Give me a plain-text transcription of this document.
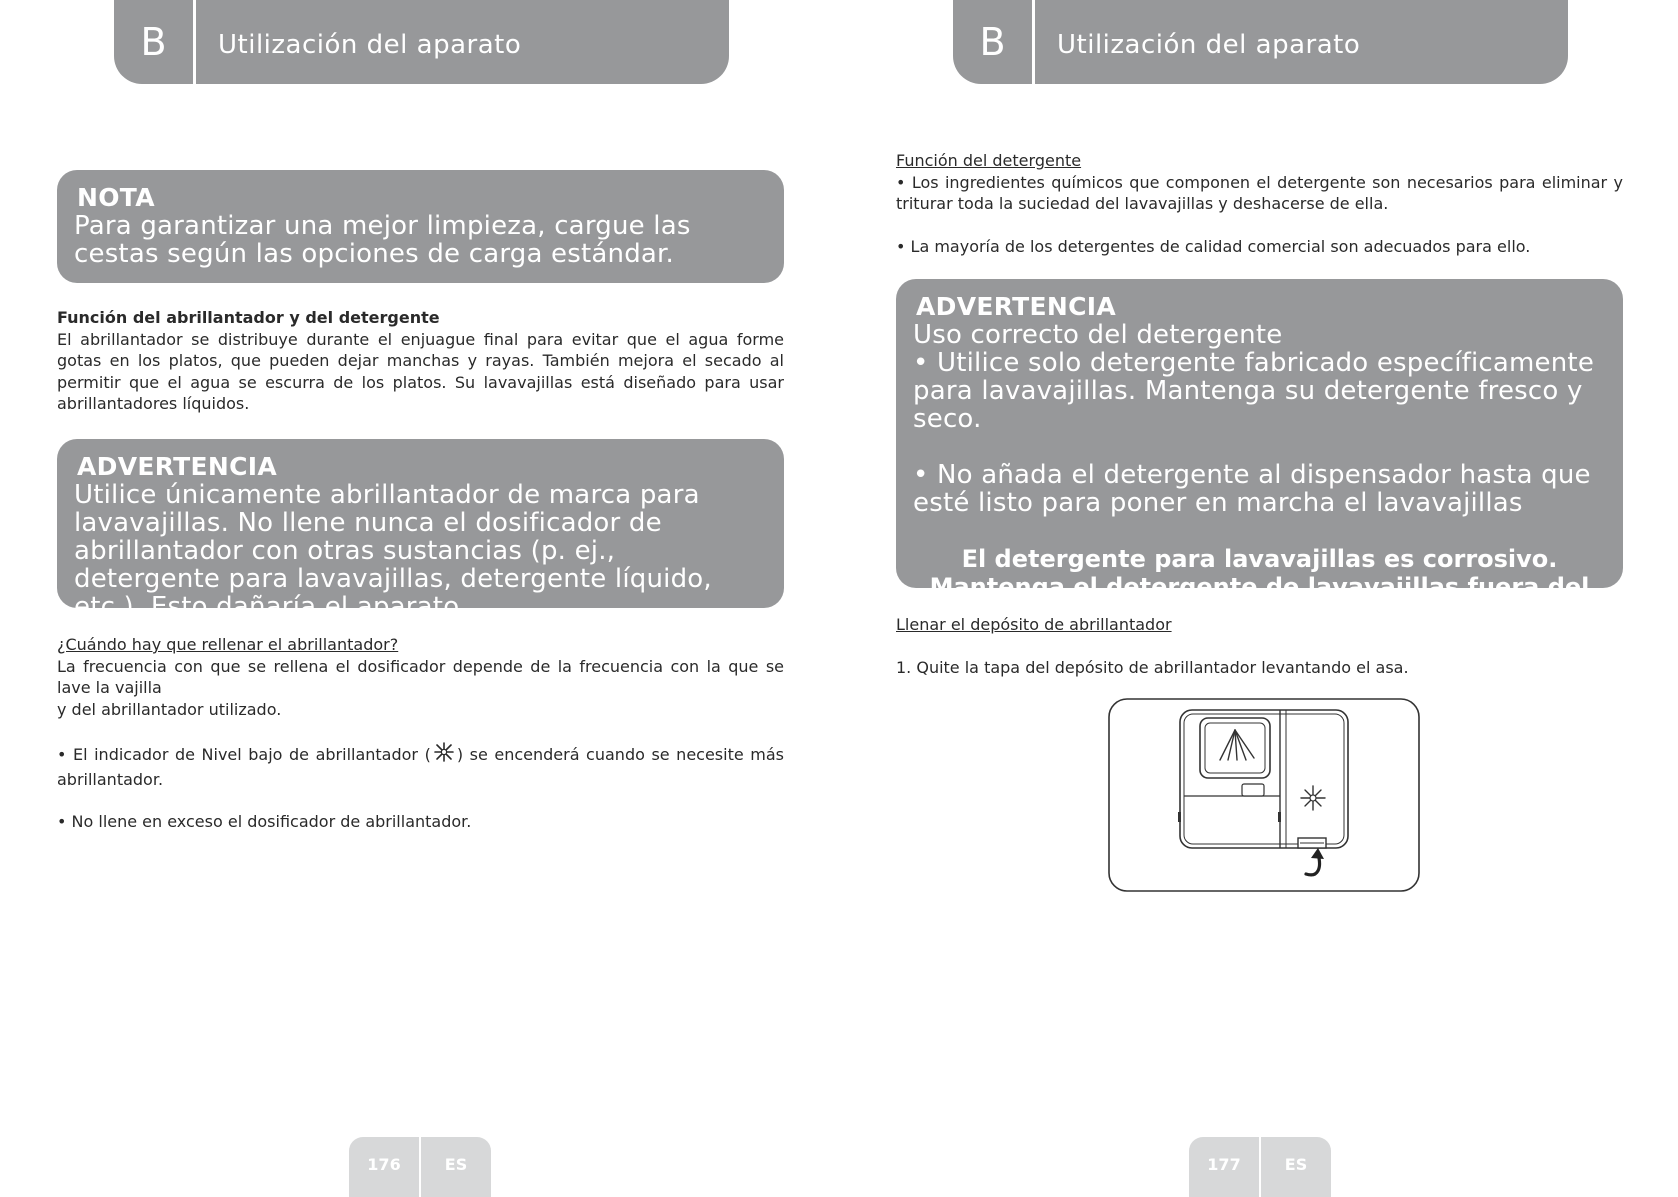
B	Utilización del aparato
NOTA
Para garantizar una mejor limpieza, cargue las cestas según las opciones de carga estándar.

Función del abrillantador y del detergente

El abrillantador se distribuye durante el enjuague final para evitar que el agua forme gotas en los platos, que pueden dejar manchas y rayas. También mejora el secado al permitir que el agua se escurra de los platos. Su lavavajillas está diseñado para usar abrillantadores líquidos.

ADVERTENCIA
Utilice únicamente abrillantador de marca para lavavajillas. No llene nunca el dosificador de abrillantador con otras sustancias (p. ej., detergente para lavavajillas, detergente líquido, etc.). Esto dañaría el aparato.

¿Cuándo hay que rellenar el abrillantador?

La frecuencia con que se rellena el dosificador depende de la frecuencia con la que se lave la vajilla

y del abrillantador utilizado.

• El indicador de Nivel bajo de abrillantador ( ) se encenderá cuando se necesite más abrillantador.

• No llene en exceso el dosificador de abrillantador.

176	ES
B	Utilización del aparato

Función del detergente

• Los ingredientes químicos que componen el detergente son necesarios para eliminar y triturar toda la suciedad del lavavajillas y deshacerse de ella.

• La mayoría de los detergentes de calidad comercial son adecuados para ello.

ADVERTENCIA
Uso correcto del detergente
• Utilice solo detergente fabricado específicamente para lavavajillas. Mantenga su detergente fresco y seco.
• No añada el detergente al dispensador hasta que esté listo para poner en marcha el lavavajillas
El detergente para lavavajillas es corrosivo. Mantenga el detergente de lavavajillas fuera del alcance de los niños.

Llenar el depósito de abrillantador

1. Quite la tapa del depósito de abrillantador levantando el asa.

177	ES
